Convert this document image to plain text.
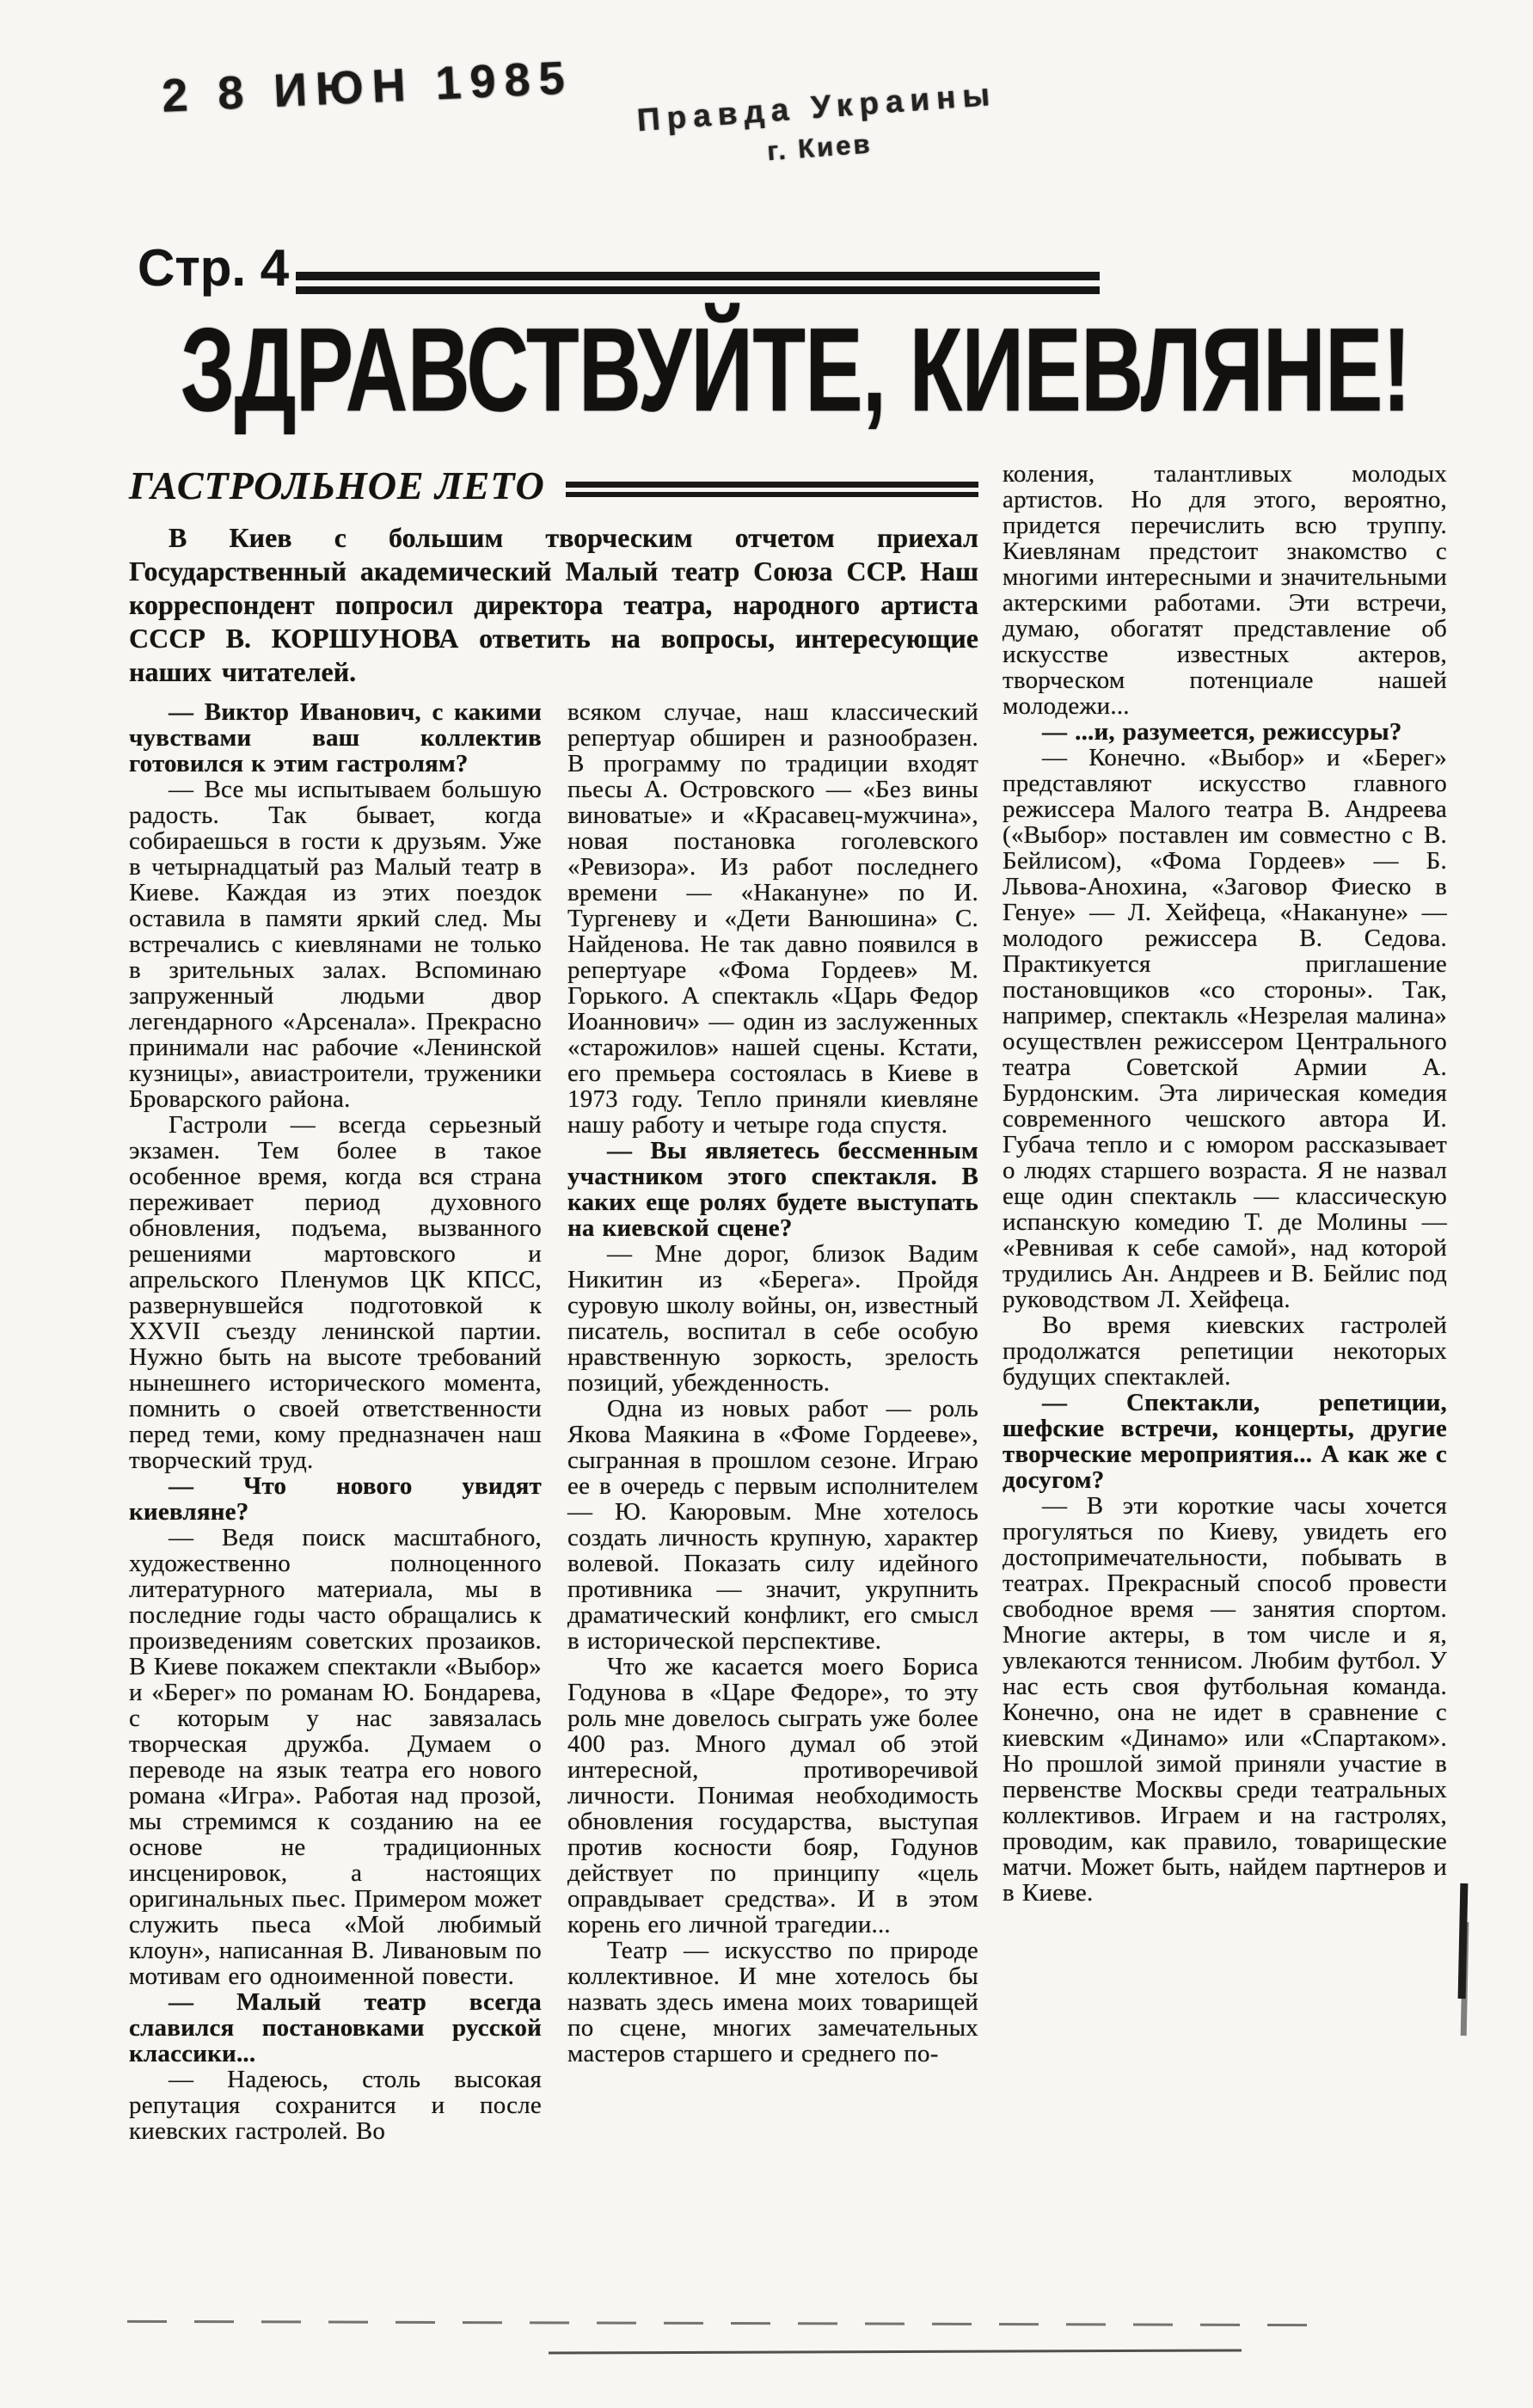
2 8 ИЮН 1985 Правда Украины
г. Киев
Стр. 4
ЗДРАВСТВУЙТЕ, КИЕВЛЯНЕ!
ГАСТРОЛЬНОЕ ЛЕТО
В Киев с большим творческим отчетом приехал Государственный академический Малый театр Союза ССР. Наш корреспондент попросил директора театра, народного артиста СССР В. КОРШУНОВА ответить на вопросы, интересующие наших читателей.

— Виктор Иванович, с какими чувствами ваш коллектив готовился к этим гастролям?

— Все мы испытываем большую радость. Так бывает, когда собираешься в гости к друзьям. Уже в четырнадцатый раз Малый театр в Киеве. Каждая из этих поездок оставила в памяти яркий след. Мы встречались с киевлянами не только в зрительных залах. Вспоминаю запруженный людьми двор легендарного «Арсенала». Прекрасно принимали нас рабочие «Ленинской кузницы», авиастроители, труженики Броварского района.

Гастроли — всегда серьезный экзамен. Тем более в такое особенное время, когда вся страна переживает период духовного обновления, подъема, вызванного решениями мартовского и апрельского Пленумов ЦК КПСС, развернувшейся подготовкой к XXVII съезду ленинской партии. Нужно быть на высоте требований нынешнего исторического момента, помнить о своей ответственности перед теми, кому предназначен наш творческий труд.

— Что нового увидят киевляне?

— Ведя поиск масштабного, художественно полноценного литературного материала, мы в последние годы часто обращались к произведениям советских прозаиков. В Киеве покажем спектакли «Выбор» и «Берег» по романам Ю. Бондарева, с которым у нас завязалась творческая дружба. Думаем о переводе на язык театра его нового романа «Игра». Работая над прозой, мы стремимся к созданию на ее основе не традиционных инсценировок, а настоящих оригинальных пьес. Примером может служить пьеса «Мой любимый клоун», написанная В. Ливановым по мотивам его одноименной повести.

— Малый театр всегда славился постановками русской классики...

— Надеюсь, столь высокая репутация сохранится и после киевских гастролей. Во

всяком случае, наш классический репертуар обширен и разнообразен. В программу по традиции входят пьесы А. Островского — «Без вины виноватые» и «Красавец-мужчина», новая постановка гоголевского «Ревизора». Из работ последнего времени — «Накануне» по И. Тургеневу и «Дети Ванюшина» С. Найденова. Не так давно появился в репертуаре «Фома Гордеев» М. Горького. А спектакль «Царь Федор Иоаннович» — один из заслуженных «старожилов» нашей сцены. Кстати, его премьера состоялась в Киеве в 1973 году. Тепло приняли киевляне нашу работу и четыре года спустя.

— Вы являетесь бессменным участником этого спектакля. В каких еще ролях будете выступать на киевской сцене?

— Мне дорог, близок Вадим Никитин из «Берега». Пройдя суровую школу войны, он, известный писатель, воспитал в себе особую нравственную зоркость, зрелость позиций, убежденность.

Одна из новых работ — роль Якова Маякина в «Фоме Гордееве», сыгранная в прошлом сезоне. Играю ее в очередь с первым исполнителем — Ю. Каюровым. Мне хотелось создать личность крупную, характер волевой. Показать силу идейного противника — значит, укрупнить драматический конфликт, его смысл в исторической перспективе.

Что же касается моего Бориса Годунова в «Царе Федоре», то эту роль мне довелось сыграть уже более 400 раз. Много думал об этой интересной, противоречивой личности. Понимая необходимость обновления государства, выступая против косности бояр, Годунов действует по принципу «цель оправдывает средства». И в этом корень его личной трагедии...

Театр — искусство по природе коллективное. И мне хотелось бы назвать здесь имена моих товарищей по сцене, многих замечательных мастеров старшего и среднего по-

коления, талантливых молодых артистов. Но для этого, вероятно, придется перечислить всю труппу. Киевлянам предстоит знакомство с многими интересными и значительными актерскими работами. Эти встречи, думаю, обогатят представление об искусстве известных актеров, творческом потенциале нашей молодежи...

— ...и, разумеется, режиссуры?

— Конечно. «Выбор» и «Берег» представляют искусство главного режиссера Малого театра В. Андреева («Выбор» поставлен им совместно с В. Бейлисом), «Фома Гордеев» — Б. Львова-Анохина, «Заговор Фиеско в Генуе» — Л. Хейфеца, «Накануне» — молодого режиссера В. Седова. Практикуется приглашение постановщиков «со стороны». Так, например, спектакль «Незрелая малина» осуществлен режиссером Центрального театра Советской Армии А. Бурдонским. Эта лирическая комедия современного чешского автора И. Губача тепло и с юмором рассказывает о людях старшего возраста. Я не назвал еще один спектакль — классическую испанскую комедию Т. де Молины — «Ревнивая к себе самой», над которой трудились Ан. Андреев и В. Бейлис под руководством Л. Хейфеца.

Во время киевских гастролей продолжатся репетиции некоторых будущих спектаклей.

— Спектакли, репетиции, шефские встречи, концерты, другие творческие мероприятия... А как же с досугом?

— В эти короткие часы хочется прогуляться по Киеву, увидеть его достопримечательности, побывать в театрах. Прекрасный способ провести свободное время — занятия спортом. Многие актеры, в том числе и я, увлекаются теннисом. Любим футбол. У нас есть своя футбольная команда. Конечно, она не идет в сравнение с киевским «Динамо» или «Спартаком». Но прошлой зимой приняли участие в первенстве Москвы среди театральных коллективов. Играем и на гастролях, проводим, как правило, товарищеские матчи. Может быть, найдем партнеров и в Киеве.
